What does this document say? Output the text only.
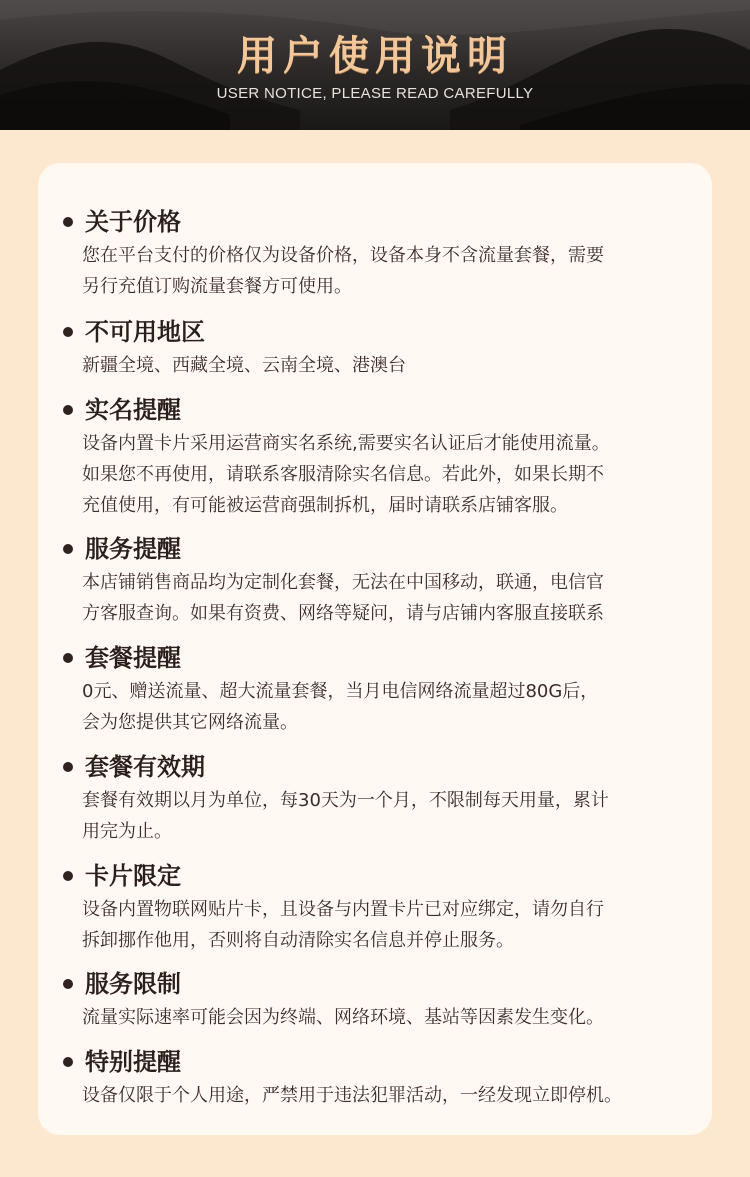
用户使用说明
USER NOTICE, PLEASE READ CAREFULLY
关于价格

您在平台支付的价格仅为设备价格，设备本身不含流量套餐，需要

另行充值订购流量套餐方可使用。

不可用地区

新疆全境、西藏全境、云南全境、港澳台

实名提醒

设备内置卡片采用运营商实名系统,需要实名认证后才能使用流量。

如果您不再使用，请联系客服清除实名信息。若此外，如果长期不

充值使用，有可能被运营商强制拆机，届时请联系店铺客服。

服务提醒

本店铺销售商品均为定制化套餐，无法在中国移动，联通，电信官

方客服查询。如果有资费、网络等疑问，请与店铺内客服直接联系

套餐提醒

0元、赠送流量、超大流量套餐，当月电信网络流量超过80G后，

会为您提供其它网络流量。

套餐有效期

套餐有效期以月为单位，每30天为一个月，不限制每天用量，累计

用完为止。

卡片限定

设备内置物联网贴片卡，且设备与内置卡片已对应绑定，请勿自行

拆卸挪作他用，否则将自动清除实名信息并停止服务。

服务限制

流量实际速率可能会因为终端、网络环境、基站等因素发生变化。

特别提醒

设备仅限于个人用途，严禁用于违法犯罪活动，一经发现立即停机。
